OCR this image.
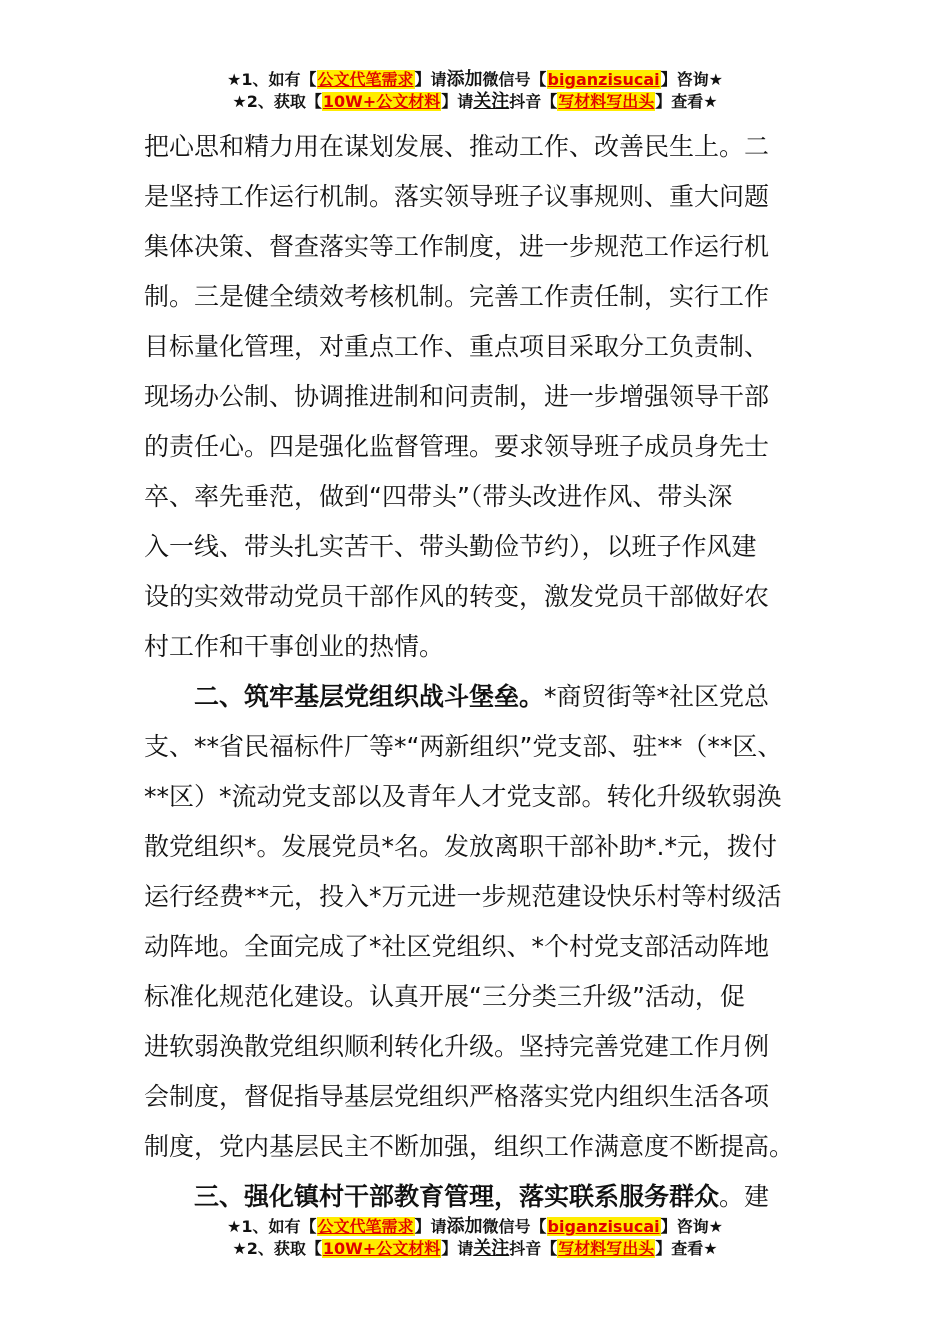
★1、如有【公文代笔需求】请添加微信号【biganzisucai】咨询★
★2、获取【10W+公文材料】请关注抖音【写材料写出头】查看★
把心思和精力用在谋划发展、推动工作、改善民生上。二
是坚持工作运行机制。落实领导班子议事规则、重大问题
集体决策、督查落实等工作制度，进一步规范工作运行机
制。三是健全绩效考核机制。完善工作责任制，实行工作
目标量化管理，对重点工作、重点项目采取分工负责制、
现场办公制、协调推进制和问责制，进一步增强领导干部
的责任心。四是强化监督管理。要求领导班子成员身先士
卒、率先垂范，做到“四带头”（带头改进作风、带头深
入一线、带头扎实苦干、带头勤俭节约），以班子作风建
设的实效带动党员干部作风的转变，激发党员干部做好农
村工作和干事创业的热情。
二、筑牢基层党组织战斗堡垒。*商贸街等*社区党总
支、**省民福标件厂等*“两新组织”党支部、驻**（**区、
**区）*流动党支部以及青年人才党支部。转化升级软弱涣
散党组织*。发展党员*名。发放离职干部补助*.*元，拨付
运行经费**元，投入*万元进一步规范建设快乐村等村级活
动阵地。全面完成了*社区党组织、*个村党支部活动阵地
标准化规范化建设。认真开展“三分类三升级”活动，促
进软弱涣散党组织顺利转化升级。坚持完善党建工作月例
会制度，督促指导基层党组织严格落实党内组织生活各项
制度，党内基层民主不断加强，组织工作满意度不断提高。
三、强化镇村干部教育管理，落实联系服务群众。建
★1、如有【公文代笔需求】请添加微信号【biganzisucai】咨询★
★2、获取【10W+公文材料】请关注抖音【写材料写出头】查看★
